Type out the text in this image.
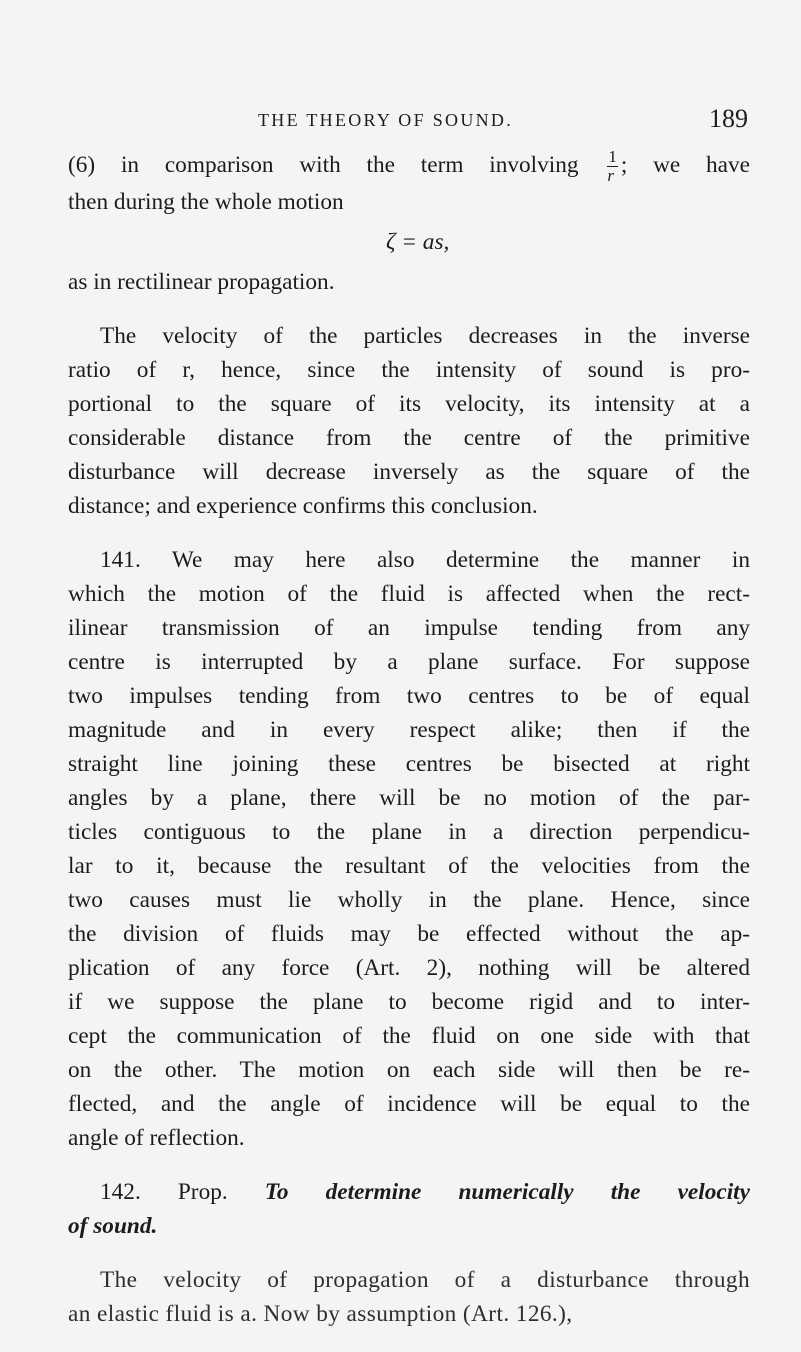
THE THEORY OF SOUND.	189
(6) in comparison with the term involving $\frac{1}{r}$ ; we have
then during the whole motion
ζ = as,
as in rectilinear propagation.
The velocity of the particles decreases in the inverse
ratio of r, hence, since the intensity of sound is pro-
portional to the square of its velocity, its intensity at a
considerable distance from the centre of the primitive
disturbance will decrease inversely as the square of the
distance; and experience confirms this conclusion.
141. We may here also determine the manner in
which the motion of the fluid is affected when the rect-
ilinear transmission of an impulse tending from any
centre is interrupted by a plane surface. For suppose
two impulses tending from two centres to be of equal
magnitude and in every respect alike; then if the
straight line joining these centres be bisected at right
angles by a plane, there will be no motion of the par-
ticles contiguous to the plane in a direction perpendicu-
lar to it, because the resultant of the velocities from the
two causes must lie wholly in the plane. Hence, since
the division of fluids may be effected without the ap-
plication of any force (Art. 2), nothing will be altered
if we suppose the plane to become rigid and to inter-
cept the communication of the fluid on one side with that
on the other. The motion on each side will then be re-
flected, and the angle of incidence will be equal to the
angle of reflection.
142. Prop. To determine numerically the velocity
of sound.
The velocity of propagation of a disturbance through
an elastic fluid is a. Now by assumption (Art. 126.),
